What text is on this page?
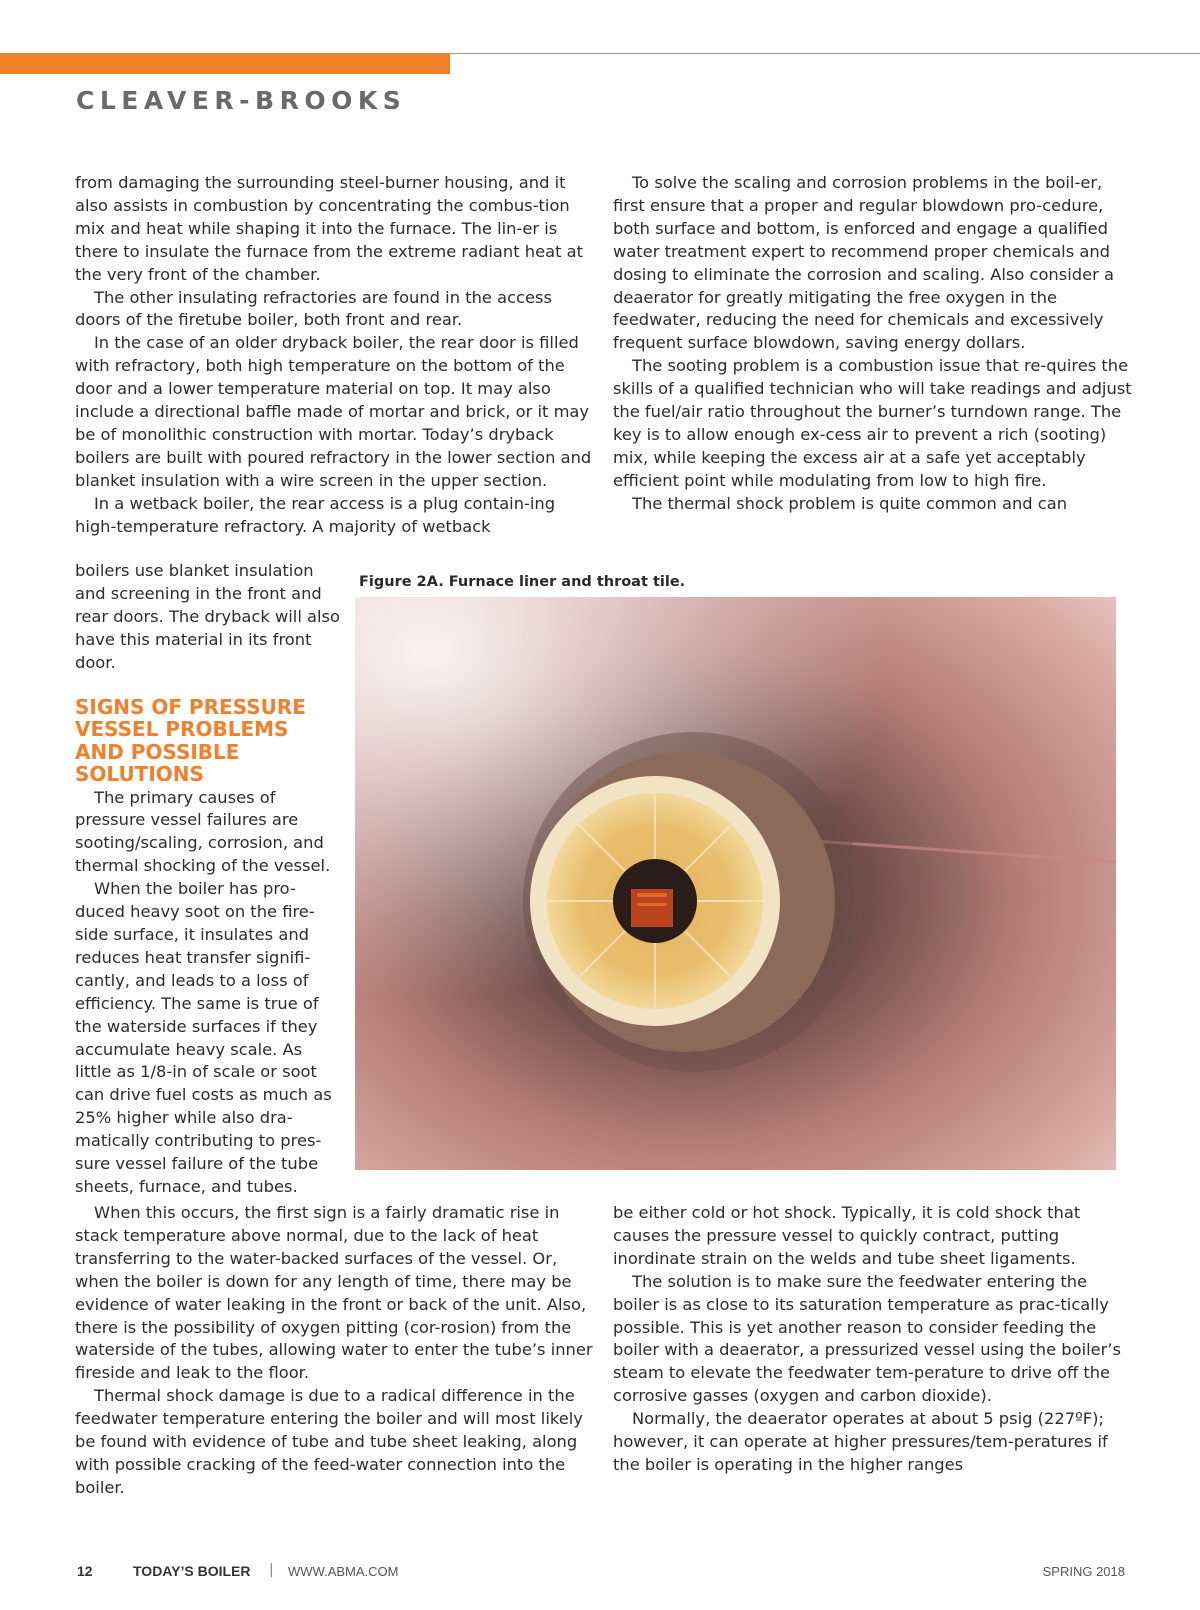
CLEAVER-BROOKS

from damaging the surrounding steel-burner housing, and it also assists in combustion by concentrating the combus-tion mix and heat while shaping it into the furnace. The lin-er is there to insulate the furnace from the extreme radiant heat at the very front of the chamber.

The other insulating refractories are found in the access doors of the firetube boiler, both front and rear.

In the case of an older dryback boiler, the rear door is filled with refractory, both high temperature on the bottom of the door and a lower temperature material on top. It may also include a directional baffle made of mortar and brick, or it may be of monolithic construction with mortar. Today’s dryback boilers are built with poured refractory in the lower section and blanket insulation with a wire screen in the upper section.

In a wetback boiler, the rear access is a plug contain-ing high-temperature refractory. A majority of wetback

boilers use blanket insulation and screening in the front and rear doors. The dryback will also have this material in its front door.

SIGNS OF PRESSURE VESSEL PROBLEMS AND POSSIBLE SOLUTIONS

The primary causes of pressure vessel failures are sooting/scaling, corrosion, and thermal shocking of the vessel.

When the boiler has pro-duced heavy soot on the fire-side surface, it insulates and reduces heat transfer signifi-cantly, and leads to a loss of efficiency. The same is true of the waterside surfaces if they accumulate heavy scale. As little as 1/8-in of scale or soot can drive fuel costs as much as 25% higher while also dra-matically contributing to pres-sure vessel failure of the tube sheets, furnace, and tubes.

When this occurs, the first sign is a fairly dramatic rise in stack temperature above normal, due to the lack of heat transferring to the water-backed surfaces of the vessel. Or, when the boiler is down for any length of time, there may be evidence of water leaking in the front or back of the unit. Also, there is the possibility of oxygen pitting (cor-rosion) from the waterside of the tubes, allowing water to enter the tube’s inner fireside and leak to the floor.

Thermal shock damage is due to a radical difference in the feedwater temperature entering the boiler and will most likely be found with evidence of tube and tube sheet leaking, along with possible cracking of the feed-water connection into the boiler.

To solve the scaling and corrosion problems in the boil-er, first ensure that a proper and regular blowdown pro-cedure, both surface and bottom, is enforced and engage a qualified water treatment expert to recommend proper chemicals and dosing to eliminate the corrosion and scaling. Also consider a deaerator for greatly mitigating the free oxygen in the feedwater, reducing the need for chemicals and excessively frequent surface blowdown, saving energy dollars.

The sooting problem is a combustion issue that re-quires the skills of a qualified technician who will take readings and adjust the fuel/air ratio throughout the burner’s turndown range. The key is to allow enough ex-cess air to prevent a rich (sooting) mix, while keeping the excess air at a safe yet acceptably efficient point while modulating from low to high fire.

The thermal shock problem is quite common and can

be either cold or hot shock. Typically, it is cold shock that causes the pressure vessel to quickly contract, putting inordinate strain on the welds and tube sheet ligaments.

The solution is to make sure the feedwater entering the boiler is as close to its saturation temperature as prac-tically possible. This is yet another reason to consider feeding the boiler with a deaerator, a pressurized vessel using the boiler’s steam to elevate the feedwater tem-perature to drive off the corrosive gasses (oxygen and carbon dioxide).

Normally, the deaerator operates at about 5 psig (227ºF); however, it can operate at higher pressures/tem-peratures if the boiler is operating in the higher ranges

Figure 2A. Furnace liner and throat tile.
12	TODAY’S BOILER | WWW.ABMA.COM	SPRING 2018
